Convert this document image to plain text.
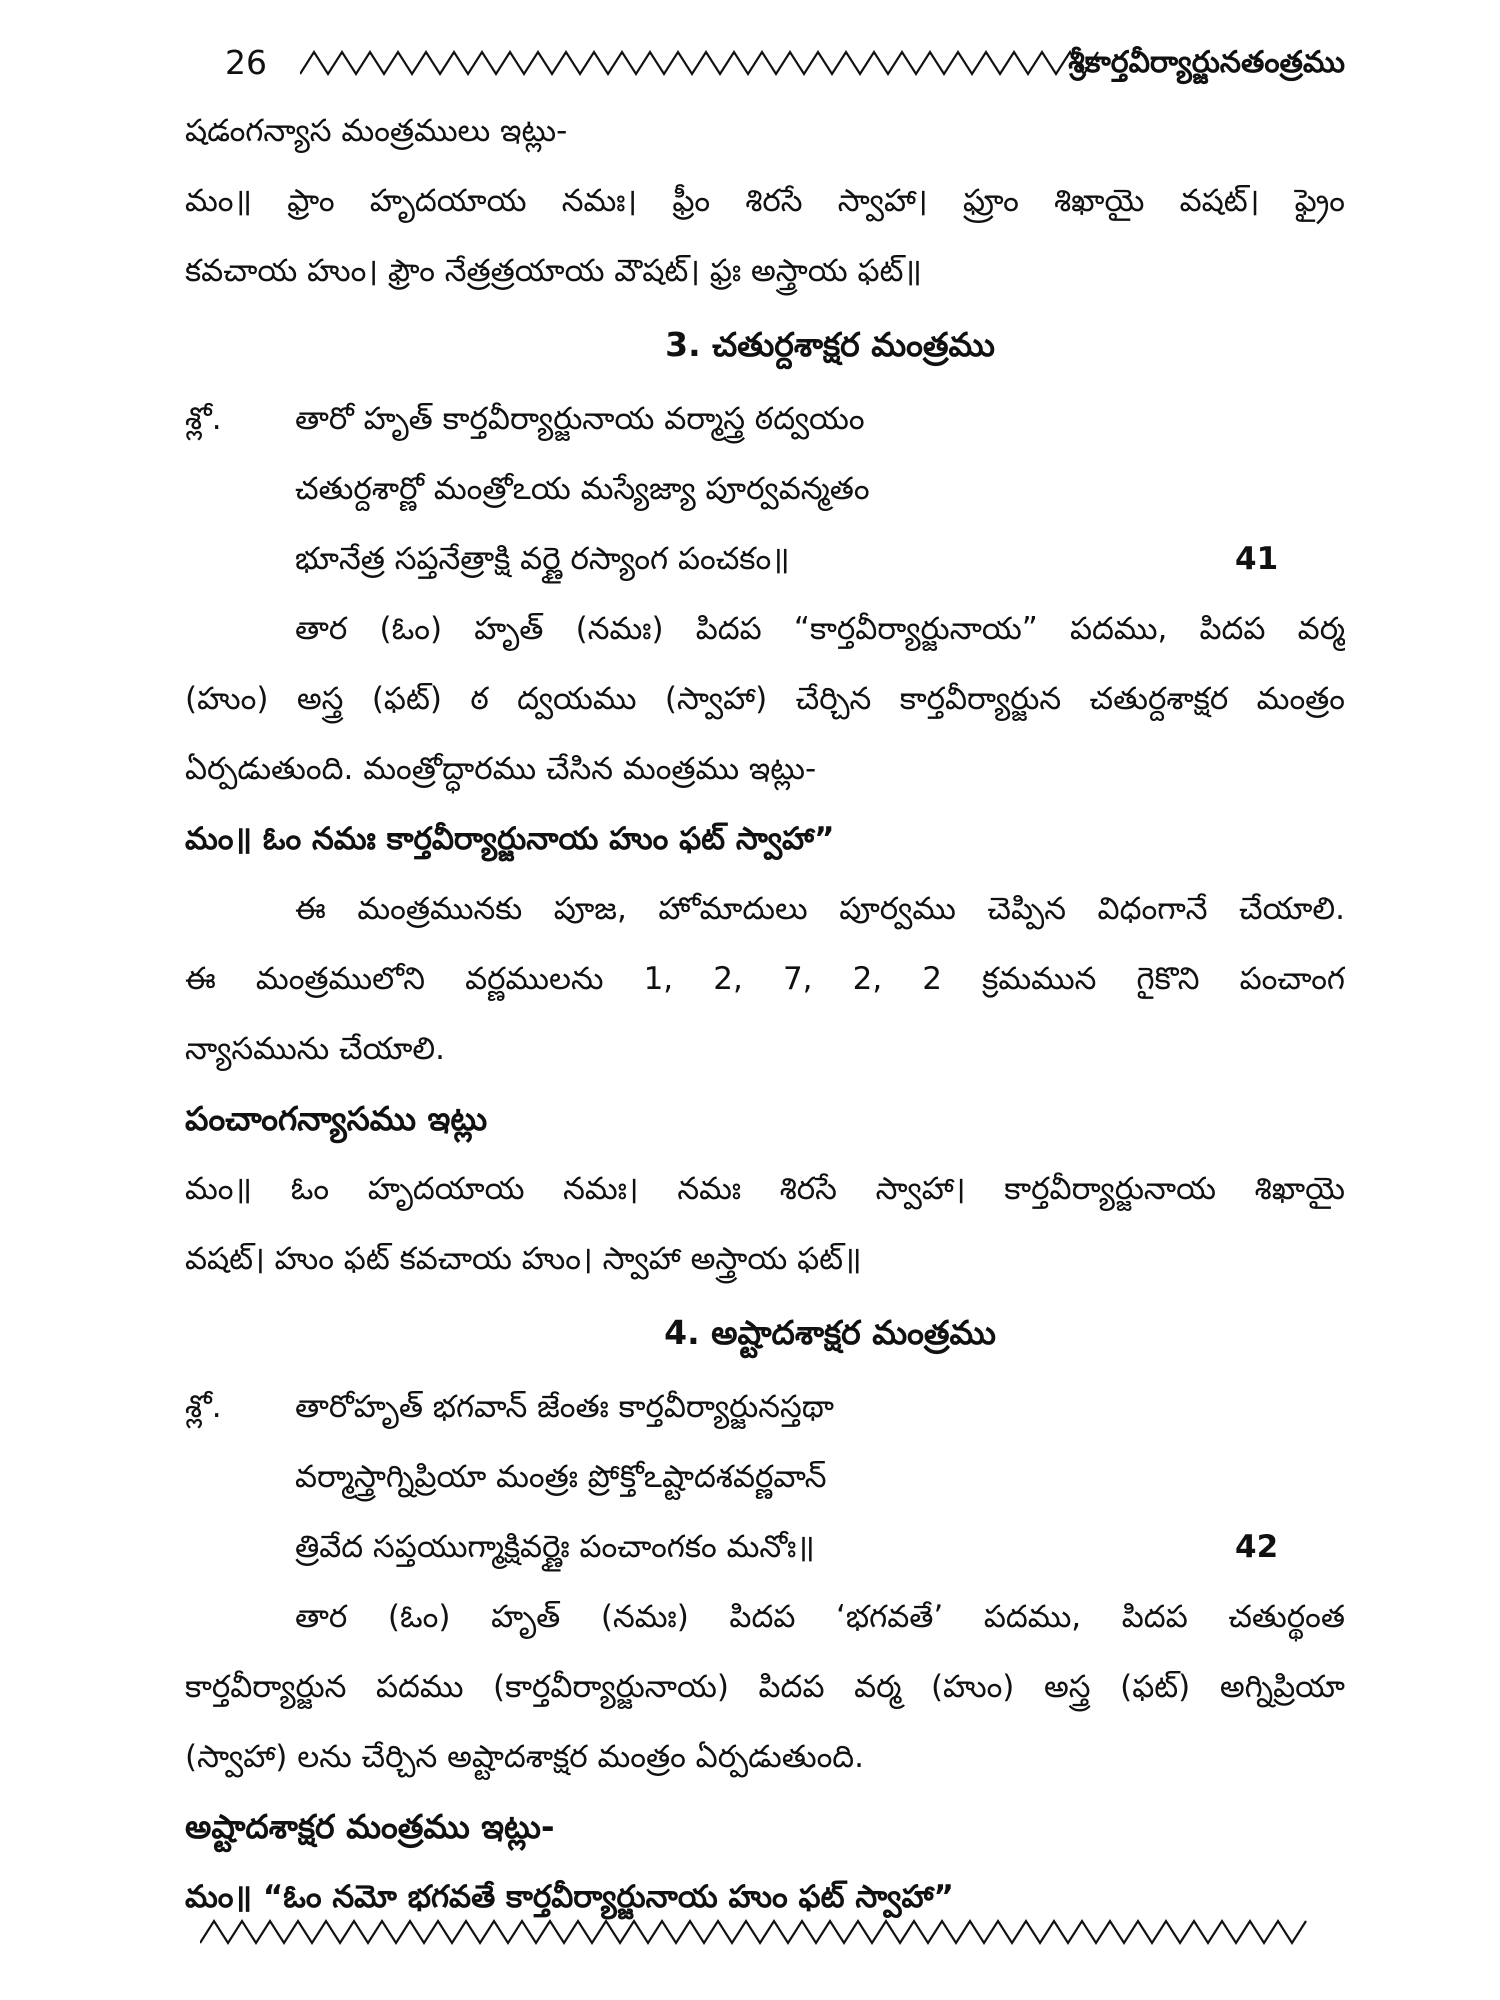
26	శ్రీకార్తవీర్యార్జునతంత్రము
షడంగన్యాస మంత్రములు ఇట్లు-
మం॥ ఫ్రాం హృదయాయ నమః। ఫ్రీం శిరసే స్వాహా। ఫ్రూం శిఖాయై వషట్। ఫ్రైం
కవచాయ హుం। ఫ్రౌం నేత్రత్రయాయ వౌషట్। ఫ్రః అస్త్రాయ ఫట్॥
3. చతుర్దశాక్షర మంత్రము
శ్లో.	తారో హృత్ కార్తవీర్యార్జునాయ వర్మాస్త్ర ఠద్వయం
చతుర్దశార్ణో మంత్రోఽయ మస్యేజ్యా పూర్వవన్మతం
భూనేత్ర సప్తనేత్రాక్షి వర్ణై రస్యాంగ పంచకం॥	41
తార (ఓం) హృత్ (నమః) పిదప “కార్తవీర్యార్జునాయ” పదము, పిదప వర్మ
(హుం) అస్త్ర (ఫట్) ఠ ద్వయము (స్వాహా) చేర్చిన కార్తవీర్యార్జున చతుర్దశాక్షర మంత్రం
ఏర్పడుతుంది. మంత్రోద్ధారము చేసిన మంత్రము ఇట్లు-
మం॥ ఓం నమః కార్తవీర్యార్జునాయ హుం ఫట్ స్వాహా”
ఈ మంత్రమునకు పూజ, హోమాదులు పూర్వము చెప్పిన విధంగానే చేయాలి.
ఈ మంత్రములోని వర్ణములను 1, 2, 7, 2, 2 క్రమమున గైకొని పంచాంగ
న్యాసమును చేయాలి.
పంచాంగన్యాసము ఇట్లు
మం॥ ఓం హృదయాయ నమః। నమః శిరసే స్వాహా। కార్తవీర్యార్జునాయ శిఖాయై
వషట్। హుం ఫట్ కవచాయ హుం। స్వాహా అస్త్రాయ ఫట్॥
4. అష్టాదశాక్షర మంత్రము
శ్లో.	తారోహృత్ భగవాన్ జేంతః కార్తవీర్యార్జునస్తథా
వర్మాస్త్రాగ్నిప్రియా మంత్రః ప్రోక్తోఽష్టాదశవర్ణవాన్
త్రివేద సప్తయుగ్మాక్షివర్ణైః పంచాంగకం మనోః॥	42
తార (ఓం) హృత్ (నమః) పిదప ‘భగవతే’ పదము, పిదప చతుర్థంత
కార్తవీర్యార్జున పదము (కార్తవీర్యార్జునాయ) పిదప వర్మ (హుం) అస్త్ర (ఫట్) అగ్నిప్రియా
(స్వాహా) లను చేర్చిన అష్టాదశాక్షర మంత్రం ఏర్పడుతుంది.
అష్టాదశాక్షర మంత్రము ఇట్లు-
మం॥ “ఓం నమో భగవతే కార్తవీర్యార్జునాయ హుం ఫట్ స్వాహా”
